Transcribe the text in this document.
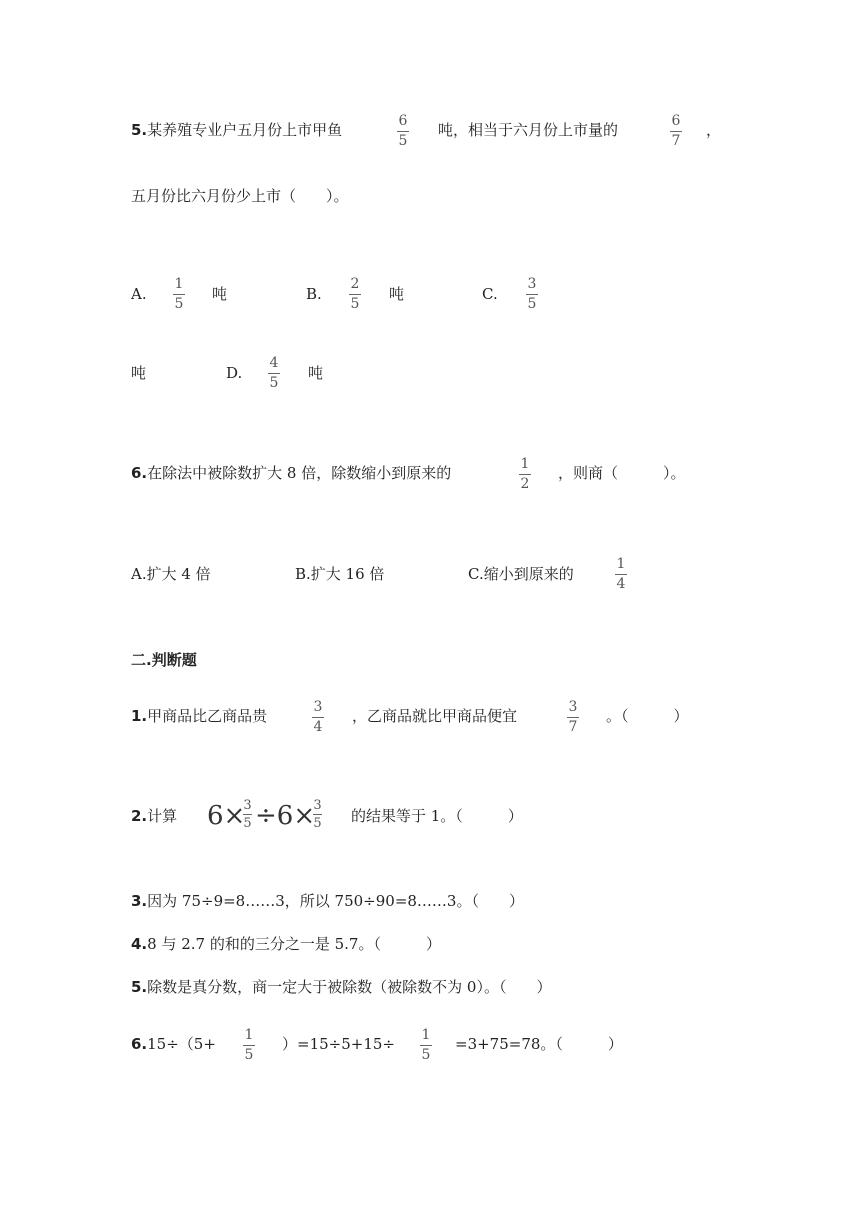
5.某养殖专业户五月份上市甲鱼	6
5
吨，相当于六月份上市量的	6
7
，
五月份比六月份少上市（　　）。
A.
1
5
吨	B.
2
5
吨	C.
3
5
吨	D.
4
5
吨
6.在除法中被除数扩大 8 倍，除数缩小到原来的	1
2
，则商（　　　）。
A.扩大 4 倍	B.扩大 16 倍	C.缩小到原来的
1
4
二.判断题
1.甲商品比乙商品贵	3
4
，乙商品就比甲商品便宜	3
7
。（　　　）
2.计算 6×
3
5 ÷6×
3
5 的结果等于 1。（　　　）
3.因为 75÷9=8……3，所以 750÷90=8……3。（　　）
4.8 与 2.7 的和的三分之一是 5.7。（　　　）
5.除数是真分数，商一定大于被除数（被除数不为 0）。（　　）
6.15÷（5+ 1
5
）=15÷5+15÷ 1
5
=3+75=78。（　　　）
